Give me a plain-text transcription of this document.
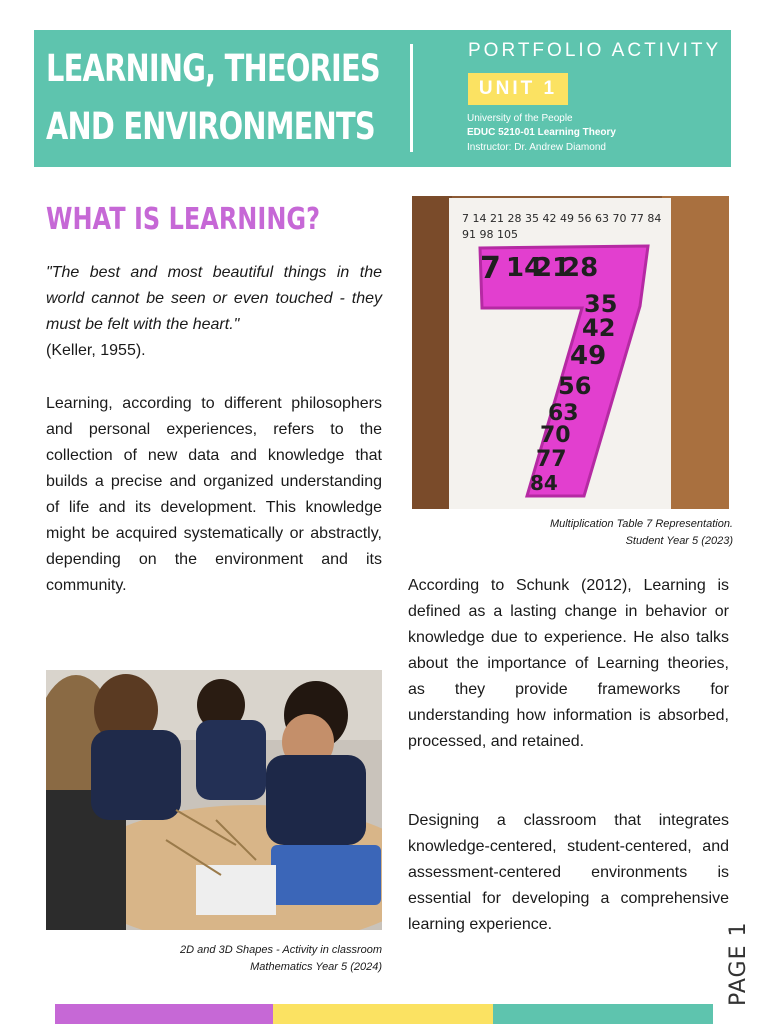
LEARNING, THEORIES
AND ENVIRONMENTS
PORTFOLIO ACTIVITY
UNIT 1
University of the People
EDUC 5210-01 Learning Theory
Instructor: Dr. Andrew Diamond
WHAT IS LEARNING?
"The best and most beautiful things in the world cannot be seen or even touched - they must be felt with the heart."
(Keller, 1955).
Learning, according to different philosophers and personal experiences, refers to the collection of new data and knowledge that builds a precise and organized understanding of life and its development. This knowledge might be acquired systematically or abstractly, depending on the environment and its community.
7 14 21 28 35 42 49 56 63 70 77 84
91 98 105
7 14
21
28
35
42
49
56
63
70
77
84
Multiplication Table 7 Representation.
Student Year 5 (2023)
According to Schunk (2012), Learning is defined as a lasting change in behavior or knowledge due to experience. He also talks about the importance of Learning theories, as they provide frameworks for understanding how information is absorbed, processed, and retained.
Designing a classroom that integrates knowledge-centered, student-centered, and assessment-centered environments is essential for developing a comprehensive learning experience.
2D and 3D Shapes - Activity in classroom
Mathematics Year 5 (2024)	PAGE 1
